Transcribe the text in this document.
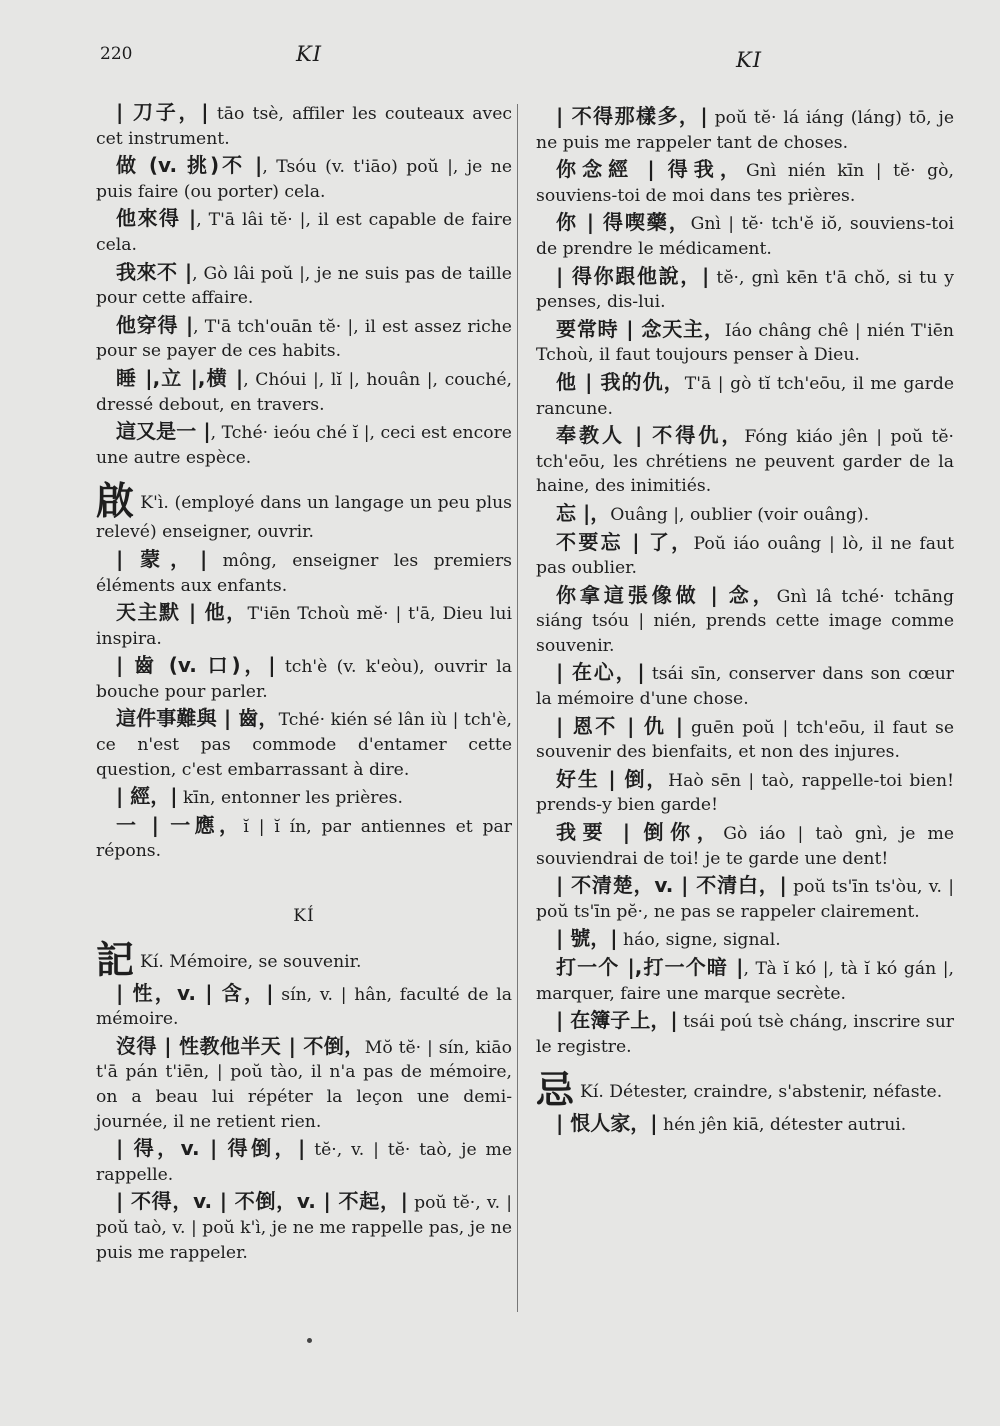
220	KI	KI
| 刀子，| tāo tsè, affiler les couteaux avec cet instrument.
做 (v. 挑)不 |, Tsóu (v. t'iāo) poŭ |, je ne puis faire (ou porter) cela.
他來得 |, T'ā lâi tĕ· |, il est capable de faire cela.
我來不 |, Gò lâi poŭ |, je ne suis pas de taille pour cette affaire.
他穿得 |, T'ā tch'ouān tĕ· |, il est assez riche pour se payer de ces habits.
睡 |,立 |,横 |, Chóui |, lĭ |, houân |, couché, dressé debout, en travers.
這又是一 |, Tché· ieóu ché ĭ |, ceci est encore une autre espèce.
啟 K'ì. (employé dans un langage un peu plus relevé) enseigner, ouvrir.
| 蒙，| mông, enseigner les premiers éléments aux enfants.
天主默 | 他，T'iēn Tchoù mĕ· | t'ā, Dieu lui inspira.
| 齒 (v. 口)，| tch'è (v. k'eòu), ouvrir la bouche pour parler.
這件事難與 | 齒，Tché· kién sé lân iù | tch'è, ce n'est pas commode d'entamer cette question, c'est embarrassant à dire.
| 經，| kīn, entonner les prières.
一 | 一應，ĭ | ĭ ín, par antiennes et par répons.
KÍ
記 Kí. Mémoire, se souvenir.
| 性，v. | 含，| sín, v. | hân, faculté de la mémoire.
沒得 | 性教他半天 | 不倒，Mŏ tĕ· | sín, kiāo t'ā pán t'iēn, | poŭ tào, il n'a pas de mémoire, on a beau lui répéter la leçon une demi-journée, il ne retient rien.
| 得，v. | 得倒，| tĕ·, v. | tĕ· taò, je me rappelle.
| 不得，v. | 不倒，v. | 不起，| poŭ tĕ·, v. | poŭ taò, v. | poŭ k'ì, je ne me rappelle pas, je ne puis me rappeler.
| 不得那樣多，| poŭ tĕ· lá iáng (láng) tō, je ne puis me rappeler tant de choses.
你念經 | 得我，Gnì nién kīn | tĕ· gò, souviens-toi de moi dans tes prières.
你 | 得喫藥，Gnì | tĕ· tch'ĕ iŏ, souviens-toi de prendre le médicament.
| 得你跟他說，| tĕ·, gnì kēn t'ā chŏ, si tu y penses, dis-lui.
要常時 | 念天主，Iáo châng chê | nién T'iēn Tchoù, il faut toujours penser à Dieu.
他 | 我的仇，T'ā | gò tĭ tch'eōu, il me garde rancune.
奉教人 | 不得仇，Fóng kiáo jên | poŭ tĕ· tch'eōu, les chrétiens ne peuvent garder de la haine, des inimitiés.
忘 |，Ouâng |, oublier (voir ouâng).
不要忘 | 了，Poŭ iáo ouâng | lò, il ne faut pas oublier.
你拿這張像做 | 念，Gnì lâ tché· tchāng siáng tsóu | nién, prends cette image comme souvenir.
| 在心，| tsái sīn, conserver dans son cœur la mémoire d'une chose.
| 恩不 | 仇 | guēn poŭ | tch'eōu, il faut se souvenir des bienfaits, et non des injures.
好生 | 倒，Haò sēn | taò, rappelle-toi bien! prends-y bien garde!
我要 | 倒你，Gò iáo | taò gnì, je me souviendrai de toi! je te garde une dent!
| 不清楚，v. | 不清白，| poŭ ts'īn ts'òu, v. | poŭ ts'īn pĕ·, ne pas se rappeler clairement.
| 號，| háo, signe, signal.
打一个 |,打一个暗 |, Tà ĭ kó |, tà ĭ kó gán |, marquer, faire une marque secrète.
| 在簿子上，| tsái poú tsè cháng, inscrire sur le registre.
忌 Kí. Détester, craindre, s'abstenir, néfaste.
| 恨人家，| hén jên kiā, détester autrui.
